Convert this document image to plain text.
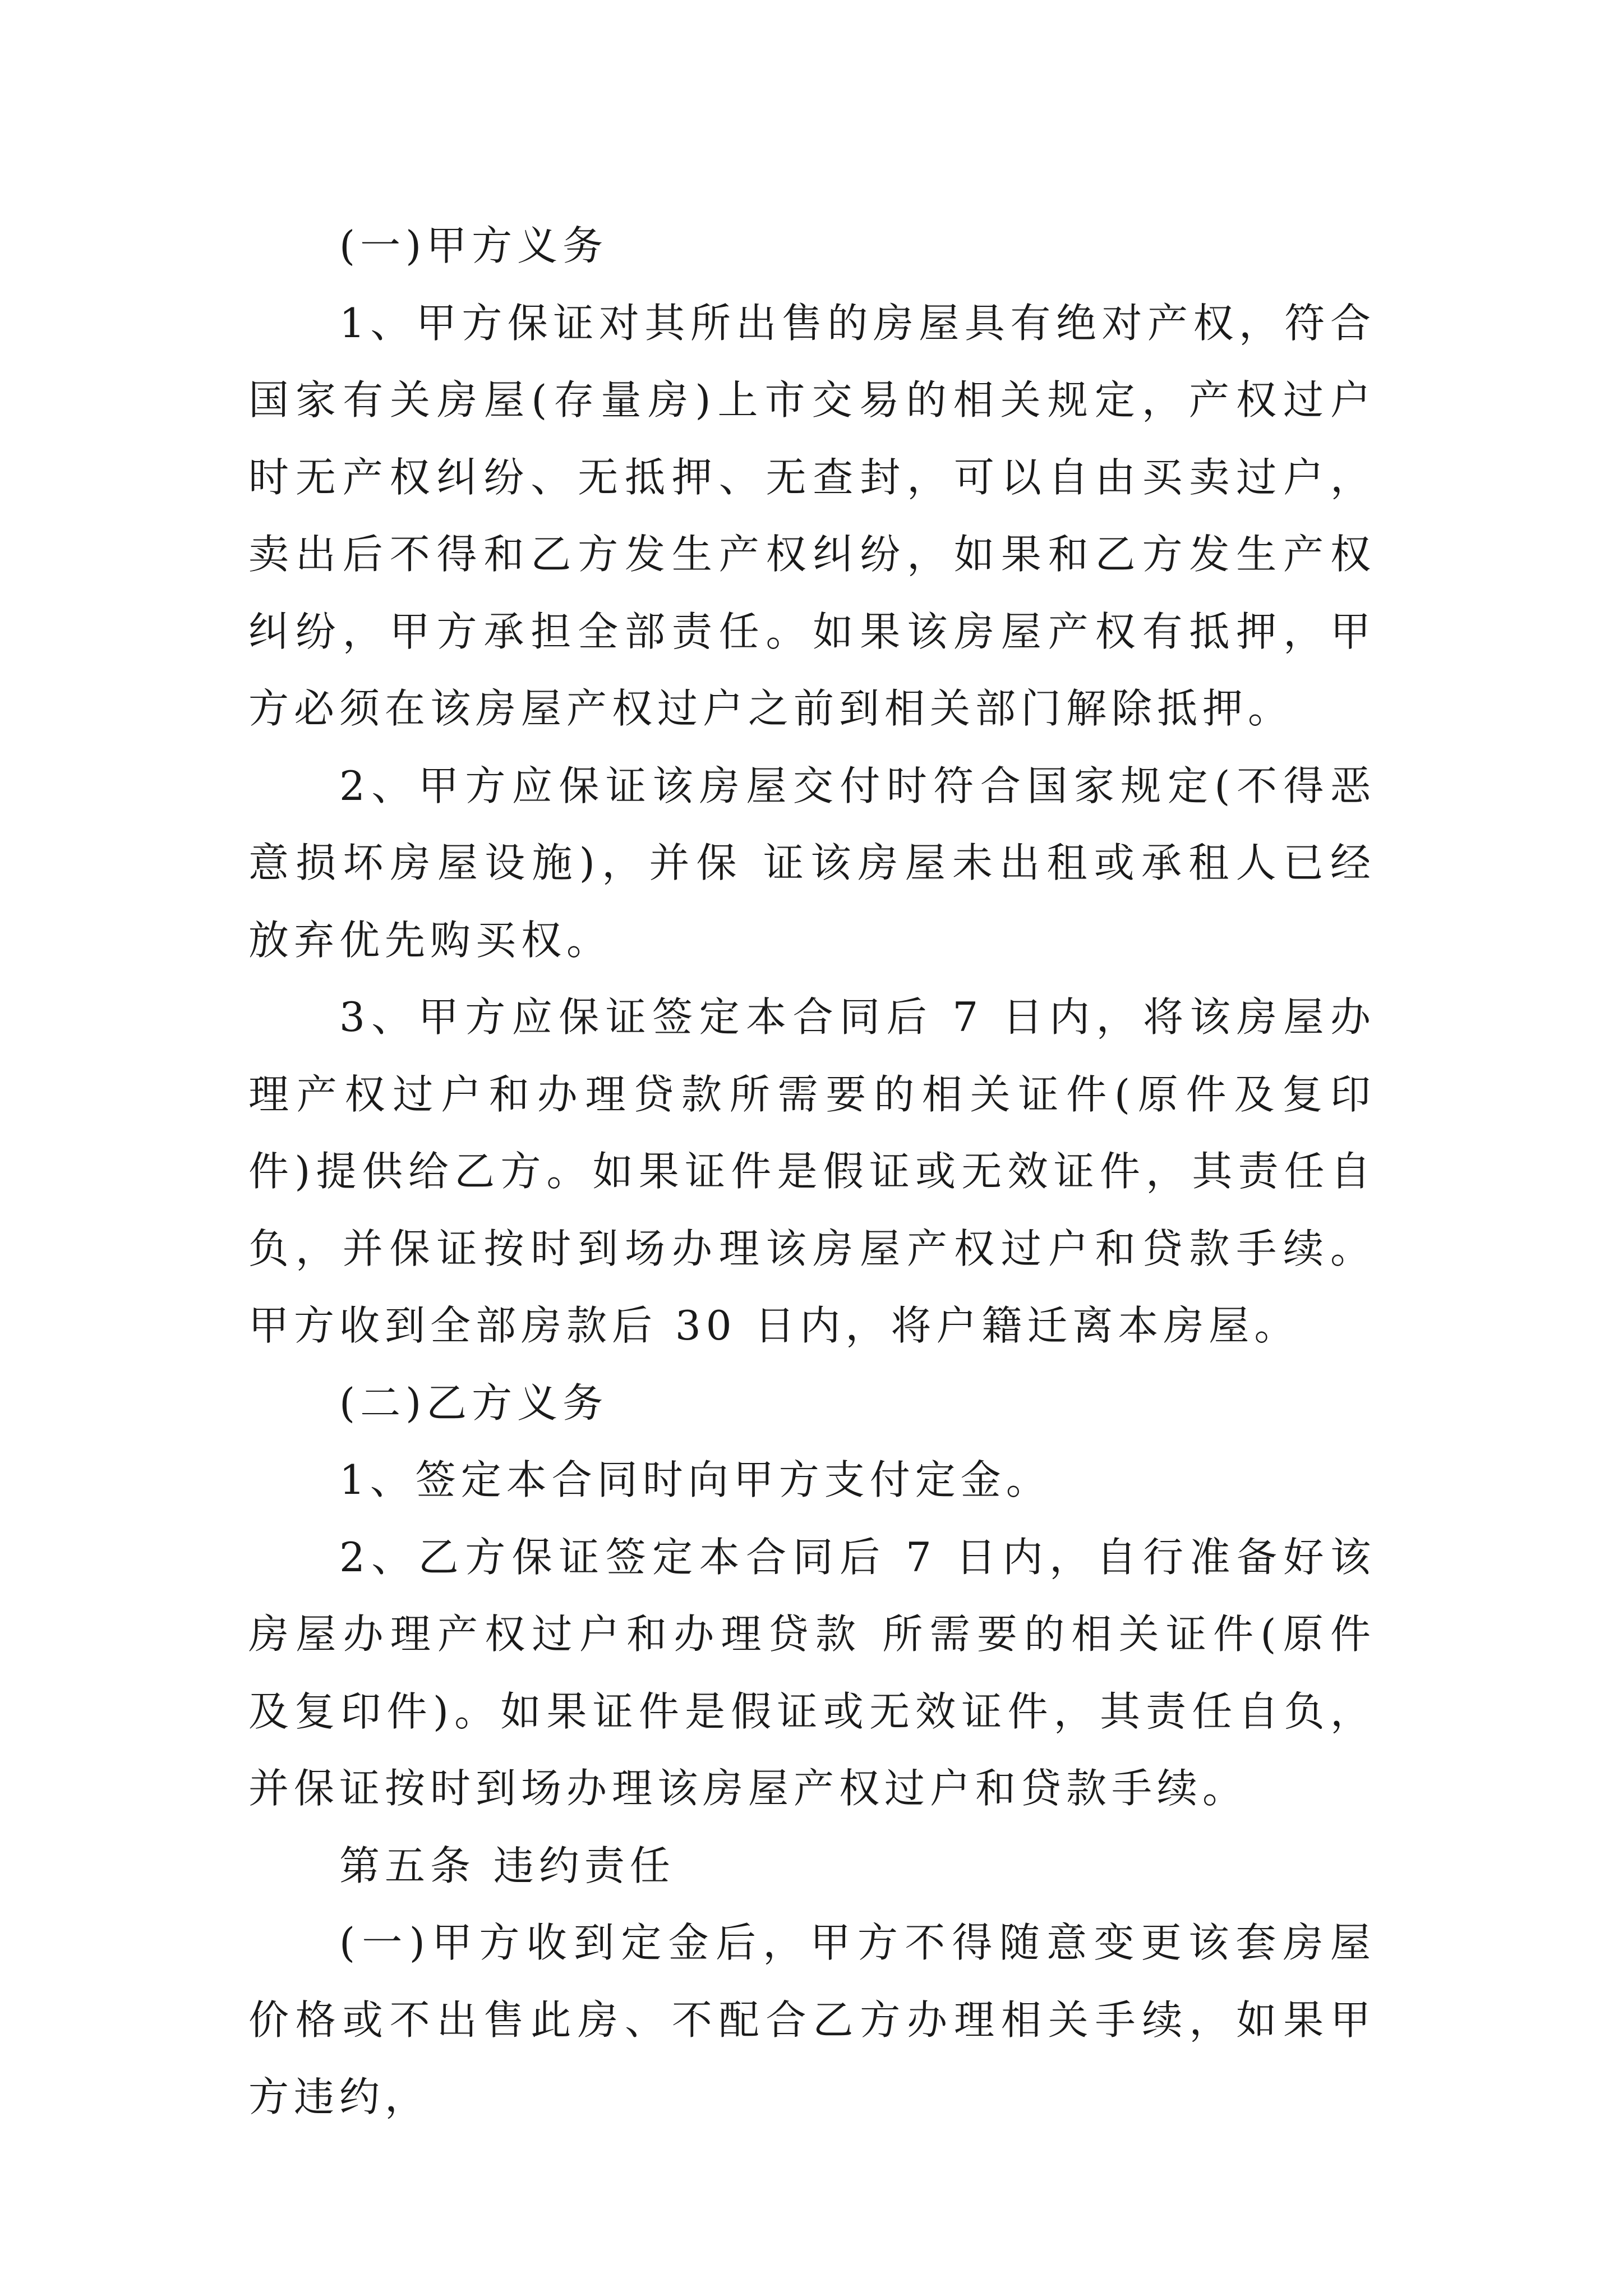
(一)甲方义务

1、甲方保证对其所出售的房屋具有绝对产权，符合国家有关房屋(存量房)上市交易的相关规定，产权过户时无产权纠纷、无抵押、无查封，可以自由买卖过户，卖出后不得和乙方发生产权纠纷，如果和乙方发生产权纠纷，甲方承担全部责任。如果该房屋产权有抵押，甲方必须在该房屋产权过户之前到相关部门解除抵押。

2、甲方应保证该房屋交付时符合国家规定(不得恶意损坏房屋设施)，并保 证该房屋未出租或承租人已经放弃优先购买权。

3、甲方应保证签定本合同后 7 日内，将该房屋办理产权过户和办理贷款所需要的相关证件(原件及复印件)提供给乙方。如果证件是假证或无效证件，其责任自负，并保证按时到场办理该房屋产权过户和贷款手续。甲方收到全部房款后 30 日内，将户籍迁离本房屋。

(二)乙方义务

1、签定本合同时向甲方支付定金。

2、乙方保证签定本合同后 7 日内，自行准备好该房屋办理产权过户和办理贷款 所需要的相关证件(原件及复印件)。如果证件是假证或无效证件，其责任自负，并保证按时到场办理该房屋产权过户和贷款手续。

第五条 违约责任

(一)甲方收到定金后，甲方不得随意变更该套房屋价格或不出售此房、不配合乙方办理相关手续，如果甲方违约，
